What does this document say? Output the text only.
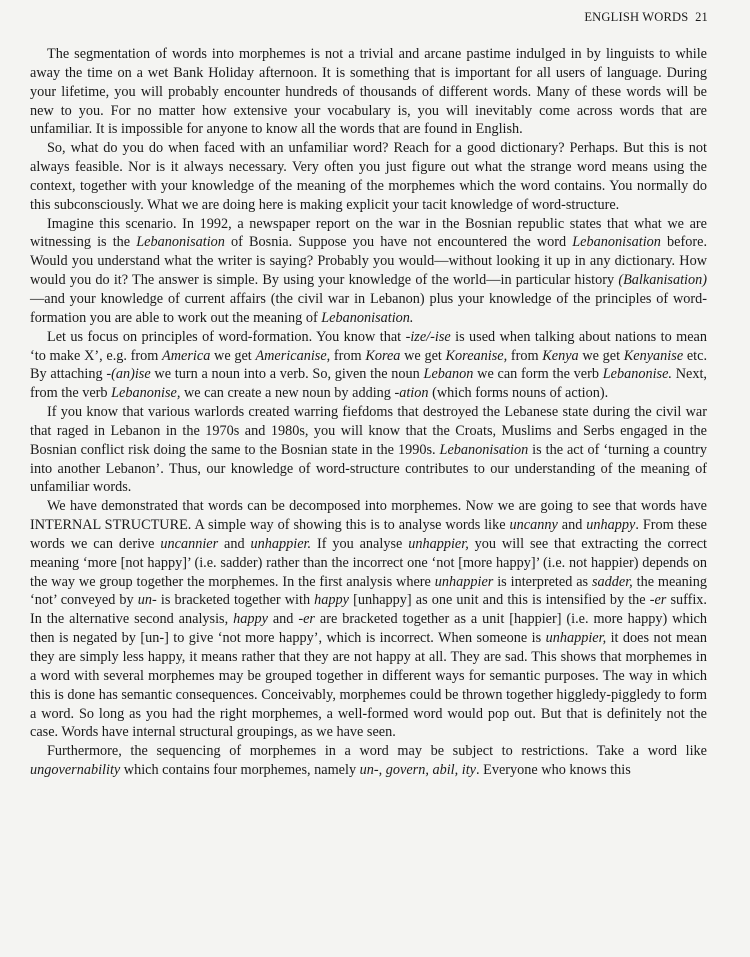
ENGLISH WORDS 21

The segmentation of words into morphemes is not a trivial and arcane pastime indulged in by linguists to while away the time on a wet Bank Holiday afternoon. It is something that is important for all users of language. During your lifetime, you will probably encounter hundreds of thousands of different words. Many of these words will be new to you. For no matter how extensive your vocabulary is, you will inevitably come across words that are unfamiliar. It is impossible for anyone to know all the words that are found in English.

So, what do you do when faced with an unfamiliar word? Reach for a good dictionary? Perhaps. But this is not always feasible. Nor is it always necessary. Very often you just figure out what the strange word means using the context, together with your knowledge of the meaning of the morphemes which the word contains. You normally do this subconsciously. What we are doing here is making explicit your tacit knowledge of word-structure.

Imagine this scenario. In 1992, a newspaper report on the war in the Bosnian republic states that what we are witnessing is the Lebanonisation of Bosnia. Suppose you have not encountered the word Lebanonisation before. Would you understand what the writer is saying? Probably you would—without looking it up in any dictionary. How would you do it? The answer is simple. By using your knowledge of the world—in particular history (Balkanisation) —and your knowledge of current affairs (the civil war in Lebanon) plus your knowledge of the principles of word-formation you are able to work out the meaning of Lebanonisation.

Let us focus on principles of word-formation. You know that -ize/-ise is used when talking about nations to mean ‘to make X’, e.g. from America we get Americanise, from Korea we get Koreanise, from Kenya we get Kenyanise etc. By attaching -(an)ise we turn a noun into a verb. So, given the noun Lebanon we can form the verb Lebanonise. Next, from the verb Lebanonise, we can create a new noun by adding -ation (which forms nouns of action).

If you know that various warlords created warring fiefdoms that destroyed the Lebanese state during the civil war that raged in Lebanon in the 1970s and 1980s, you will know that the Croats, Muslims and Serbs engaged in the Bosnian conflict risk doing the same to the Bosnian state in the 1990s. Lebanonisation is the act of ‘turning a country into another Lebanon’. Thus, our knowledge of word-structure contributes to our understanding of the meaning of unfamiliar words.

We have demonstrated that words can be decomposed into morphemes. Now we are going to see that words have INTERNAL STRUCTURE. A simple way of showing this is to analyse words like uncanny and unhappy. From these words we can derive uncannier and unhappier. If you analyse unhappier, you will see that extracting the correct meaning ‘more [not happy]’ (i.e. sadder) rather than the incorrect one ‘not [more happy]’ (i.e. not happier) depends on the way we group together the morphemes. In the first analysis where unhappier is interpreted as sadder, the meaning ‘not’ conveyed by un- is bracketed together with happy [unhappy] as one unit and this is intensified by the -er suffix. In the alternative second analysis, happy and -er are bracketed together as a unit [happier] (i.e. more happy) which then is negated by [un-] to give ‘not more happy’, which is incorrect. When someone is unhappier, it does not mean they are simply less happy, it means rather that they are not happy at all. They are sad. This shows that morphemes in a word with several morphemes may be grouped together in different ways for semantic purposes. The way in which this is done has semantic consequences. Conceivably, morphemes could be thrown together higgledy-piggledy to form a word. So long as you had the right morphemes, a well-formed word would pop out. But that is definitely not the case. Words have internal structural groupings, as we have seen.

Furthermore, the sequencing of morphemes in a word may be subject to restrictions. Take a word like ungovernability which contains four morphemes, namely un-, govern, abil, ity. Everyone who knows this
